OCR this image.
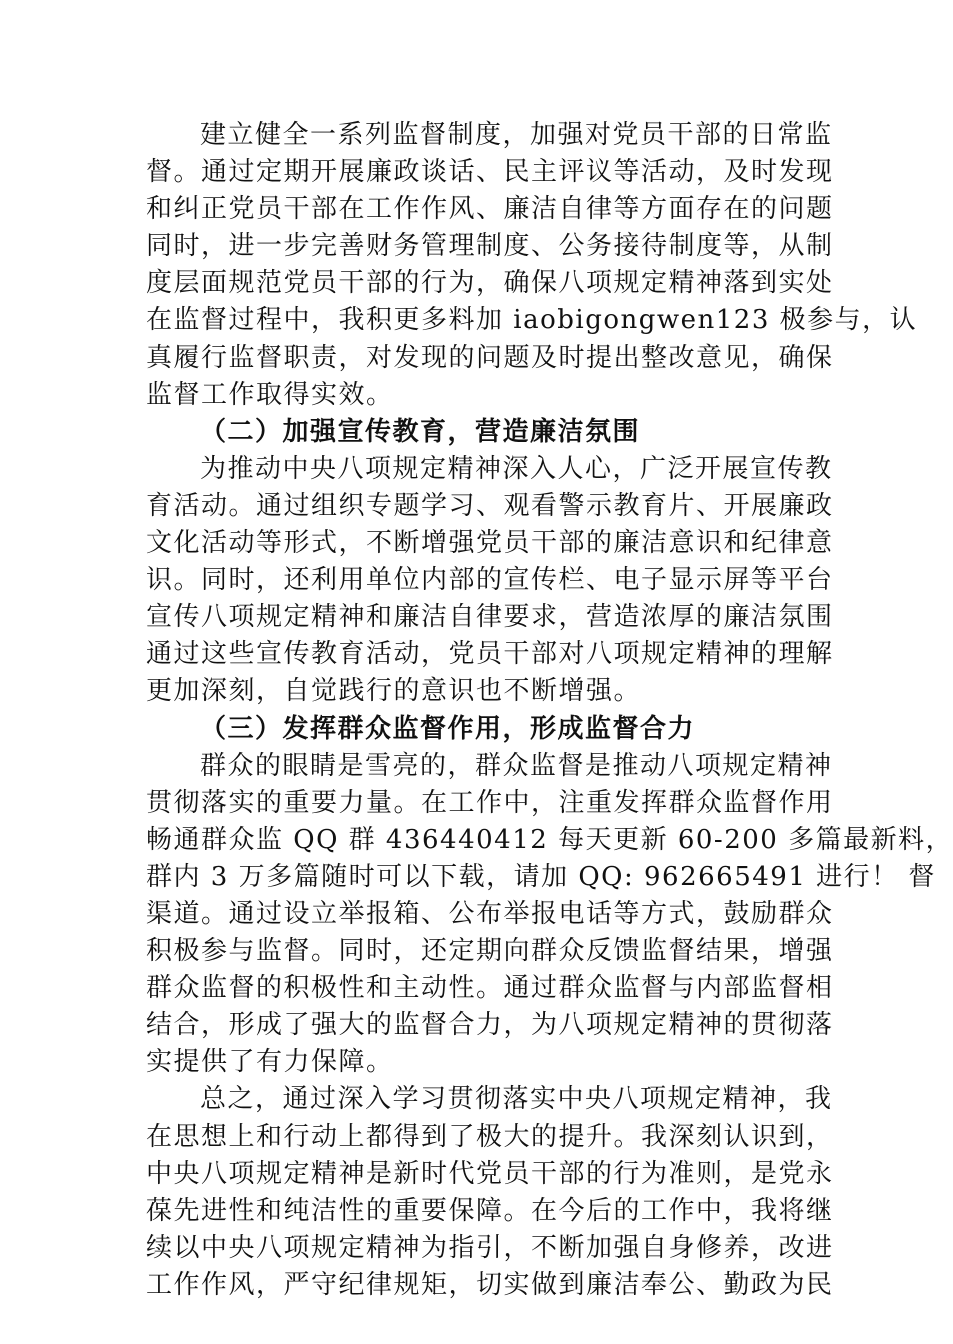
建立健全一系列监督制度，加强对党员干部的日常监
督。通过定期开展廉政谈话、民主评议等活动，及时发现
和纠正党员干部在工作作风、廉洁自律等方面存在的问题
同时，进一步完善财务管理制度、公务接待制度等，从制
度层面规范党员干部的行为，确保八项规定精神落到实处
在监督过程中，我积更多料加 iaobigongwen123 极参与，认
真履行监督职责，对发现的问题及时提出整改意见，确保
监督工作取得实效。
（二）加强宣传教育，营造廉洁氛围
为推动中央八项规定精神深入人心，广泛开展宣传教
育活动。通过组织专题学习、观看警示教育片、开展廉政
文化活动等形式，不断增强党员干部的廉洁意识和纪律意
识。同时，还利用单位内部的宣传栏、电子显示屏等平台
宣传八项规定精神和廉洁自律要求，营造浓厚的廉洁氛围
通过这些宣传教育活动，党员干部对八项规定精神的理解
更加深刻，自觉践行的意识也不断增强。
（三）发挥群众监督作用，形成监督合力
群众的眼睛是雪亮的，群众监督是推动八项规定精神
贯彻落实的重要力量。在工作中，注重发挥群众监督作用
畅通群众监 QQ 群 436440412 每天更新 60-200 多篇最新料，
群内 3 万多篇随时可以下载，请加 QQ: 962665491 进行！ 督
渠道。通过设立举报箱、公布举报电话等方式，鼓励群众
积极参与监督。同时，还定期向群众反馈监督结果，增强
群众监督的积极性和主动性。通过群众监督与内部监督相
结合，形成了强大的监督合力，为八项规定精神的贯彻落
实提供了有力保障。
总之，通过深入学习贯彻落实中央八项规定精神，我
在思想上和行动上都得到了极大的提升。我深刻认识到，
中央八项规定精神是新时代党员干部的行为准则，是党永
葆先进性和纯洁性的重要保障。在今后的工作中，我将继
续以中央八项规定精神为指引，不断加强自身修养，改进
工作作风，严守纪律规矩，切实做到廉洁奉公、勤政为民
